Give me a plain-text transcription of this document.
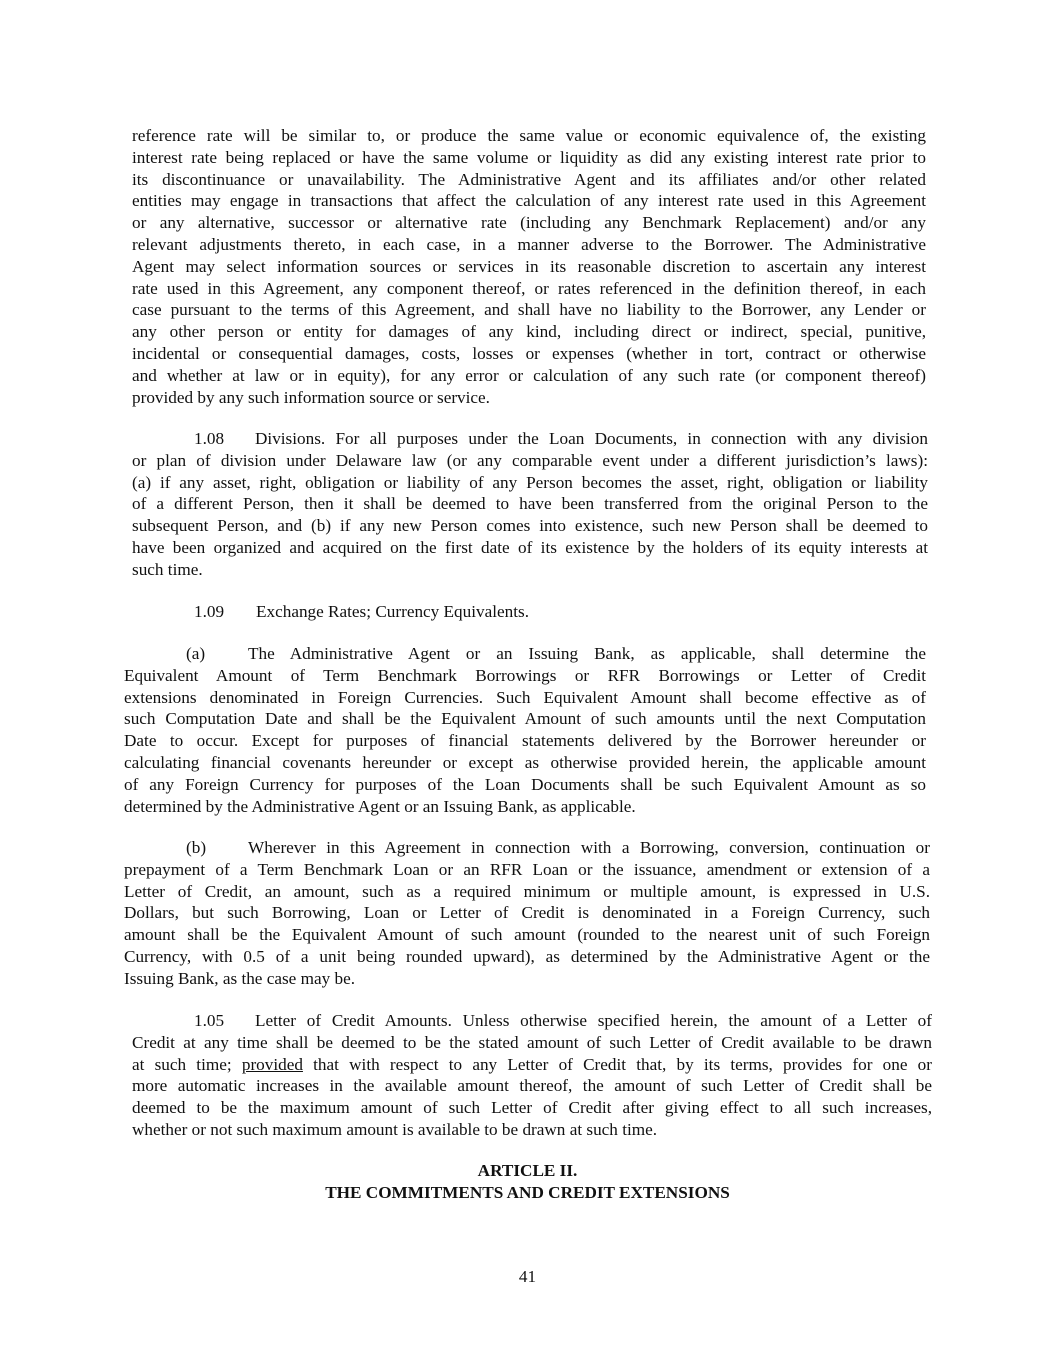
reference rate will be similar to, or produce the same value or economic equivalence of, the existing
interest rate being replaced or have the same volume or liquidity as did any existing interest rate prior to
its discontinuance or unavailability. The Administrative Agent and its affiliates and/or other related
entities may engage in transactions that affect the calculation of any interest rate used in this Agreement
or any alternative, successor or alternative rate (including any Benchmark Replacement) and/or any
relevant adjustments thereto, in each case, in a manner adverse to the Borrower. The Administrative
Agent may select information sources or services in its reasonable discretion to ascertain any interest
rate used in this Agreement, any component thereof, or rates referenced in the definition thereof, in each
case pursuant to the terms of this Agreement, and shall have no liability to the Borrower, any Lender or
any other person or entity for damages of any kind, including direct or indirect, special, punitive,
incidental or consequential damages, costs, losses or expenses (whether in tort, contract or otherwise
and whether at law or in equity), for any error or calculation of any such rate (or component thereof)
provided by any such information source or service.
1.08 Divisions. For all purposes under the Loan Documents, in connection with any division
or plan of division under Delaware law (or any comparable event under a different jurisdiction’s laws):
(a) if any asset, right, obligation or liability of any Person becomes the asset, right, obligation or liability
of a different Person, then it shall be deemed to have been transferred from the original Person to the
subsequent Person, and (b) if any new Person comes into existence, such new Person shall be deemed to
have been organized and acquired on the first date of its existence by the holders of its equity interests at
such time.
1.09 Exchange Rates; Currency Equivalents.
(a) The Administrative Agent or an Issuing Bank, as applicable, shall determine the
Equivalent Amount of Term Benchmark Borrowings or RFR Borrowings or Letter of Credit
extensions denominated in Foreign Currencies. Such Equivalent Amount shall become effective as of
such Computation Date and shall be the Equivalent Amount of such amounts until the next Computation
Date to occur. Except for purposes of financial statements delivered by the Borrower hereunder or
calculating financial covenants hereunder or except as otherwise provided herein, the applicable amount
of any Foreign Currency for purposes of the Loan Documents shall be such Equivalent Amount as so
determined by the Administrative Agent or an Issuing Bank, as applicable.
(b) Wherever in this Agreement in connection with a Borrowing, conversion, continuation or
prepayment of a Term Benchmark Loan or an RFR Loan or the issuance, amendment or extension of a
Letter of Credit, an amount, such as a required minimum or multiple amount, is expressed in U.S.
Dollars, but such Borrowing, Loan or Letter of Credit is denominated in a Foreign Currency, such
amount shall be the Equivalent Amount of such amount (rounded to the nearest unit of such Foreign
Currency, with 0.5 of a unit being rounded upward), as determined by the Administrative Agent or the
Issuing Bank, as the case may be.
1.05 Letter of Credit Amounts. Unless otherwise specified herein, the amount of a Letter of
Credit at any time shall be deemed to be the stated amount of such Letter of Credit available to be drawn
at such time; provided that with respect to any Letter of Credit that, by its terms, provides for one or
more automatic increases in the available amount thereof, the amount of such Letter of Credit shall be
deemed to be the maximum amount of such Letter of Credit after giving effect to all such increases,
whether or not such maximum amount is available to be drawn at such time.
ARTICLE II.
THE COMMITMENTS AND CREDIT EXTENSIONS
41
